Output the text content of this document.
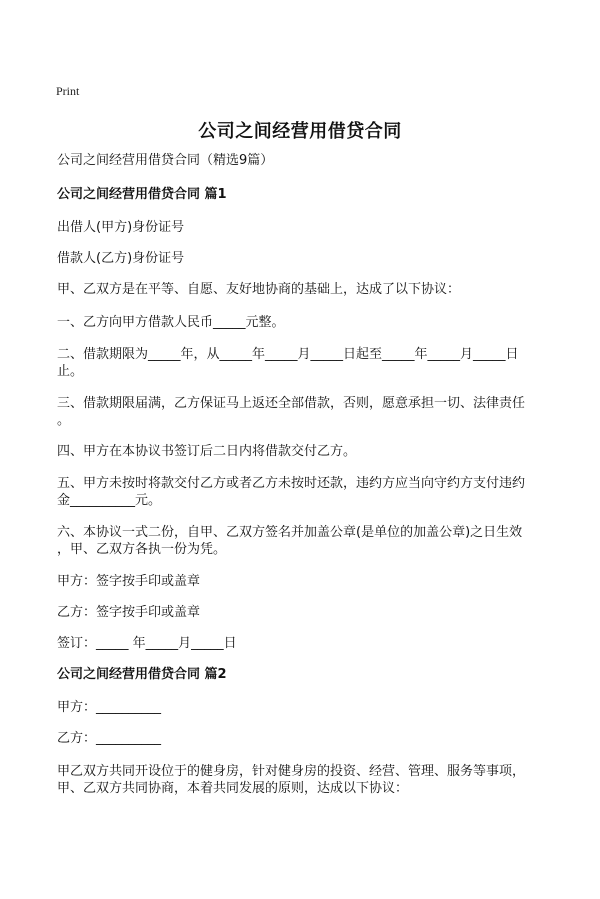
Print
公司之间经营用借贷合同
公司之间经营用借贷合同（精选9篇）
公司之间经营用借贷合同 篇1
出借人(甲方)身份证号
借款人(乙方)身份证号
甲、乙双方是在平等、自愿、友好地协商的基础上，达成了以下协议：
一、乙方向甲方借款人民币_____元整。
二、借款期限为_____年，从_____年_____月_____日起至_____年_____月_____日
止。
三、借款期限届满，乙方保证马上返还全部借款，否则，愿意承担一切、法律责任
。
四、甲方在本协议书签订后二日内将借款交付乙方。
五、甲方未按时将款交付乙方或者乙方未按时还款，违约方应当向守约方支付违约
金__________元。
六、本协议一式二份，自甲、乙双方签名并加盖公章(是单位的加盖公章)之日生效
，甲、乙双方各执一份为凭。
甲方：签字按手印或盖章
乙方：签字按手印或盖章
签订：_____ 年_____月_____日
公司之间经营用借贷合同 篇2
甲方：__________
乙方：__________
甲乙双方共同开设位于的健身房，针对健身房的投资、经营、管理、服务等事项，
甲、乙双方共同协商，本着共同发展的原则，达成以下协议：
